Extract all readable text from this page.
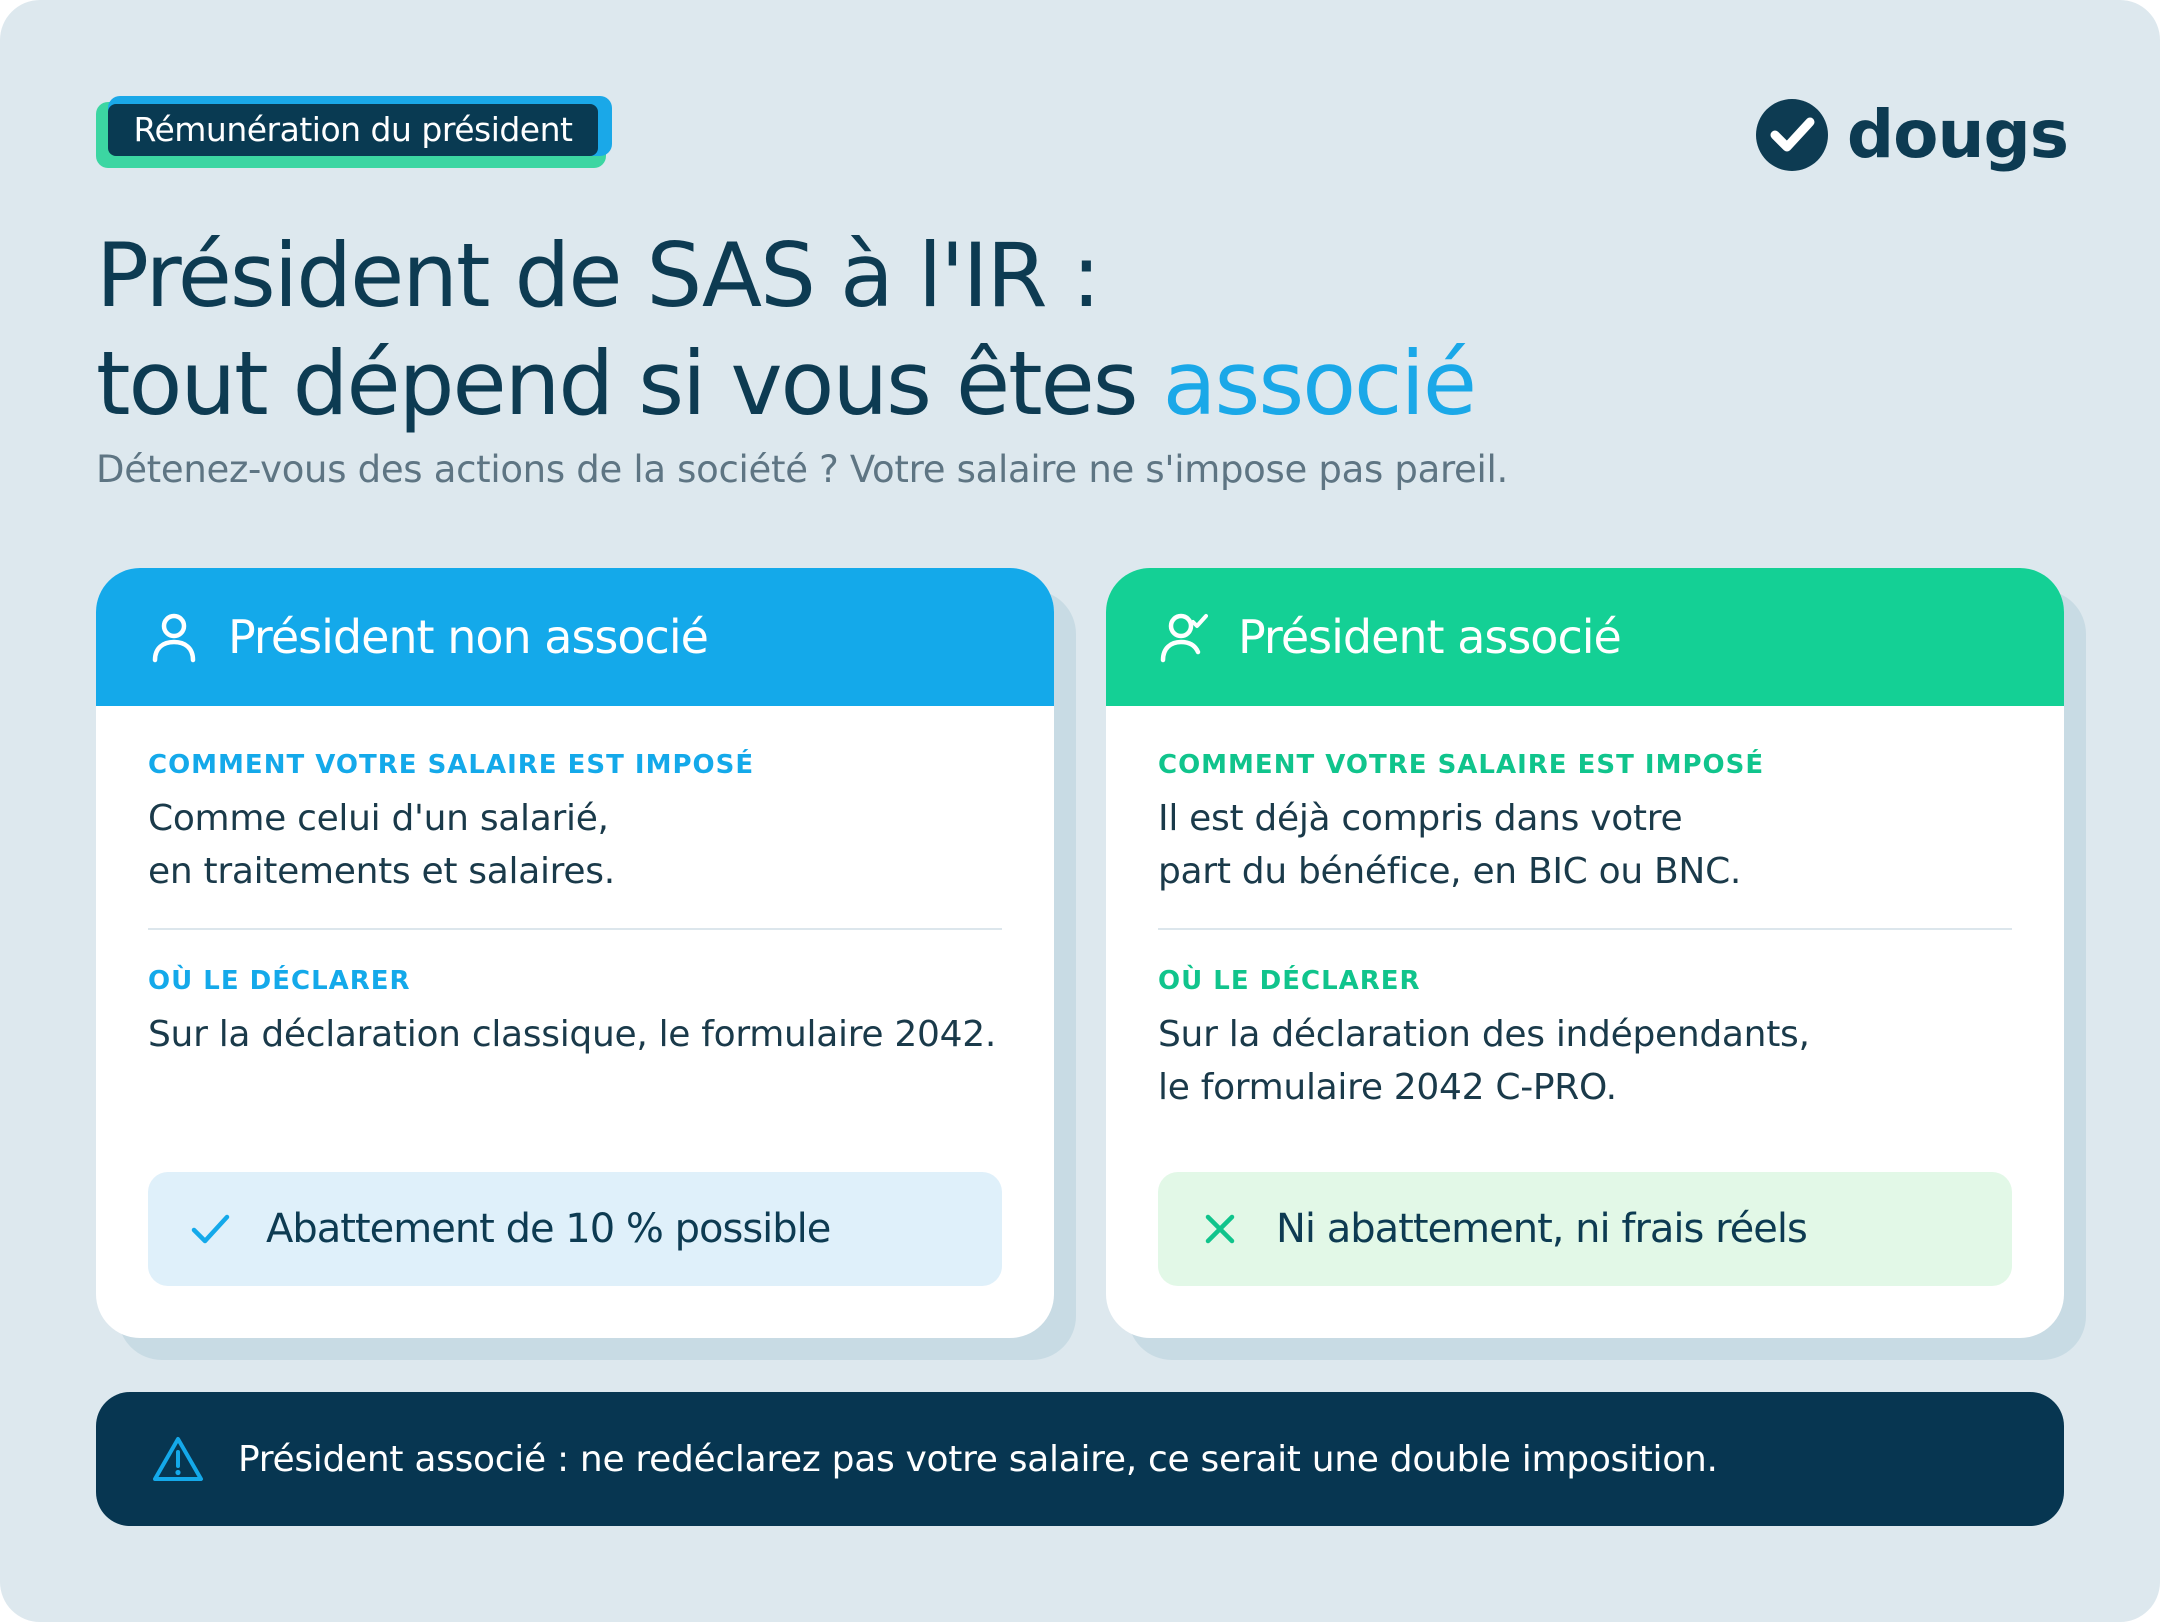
Rémunération du président	dougs
Président de SAS à l'IR :
tout dépend si vous êtes associé

Détenez-vous des actions de la société ? Votre salaire ne s'impose pas pareil.

Président non associé
COMMENT VOTRE SALAIRE EST IMPOSÉ
Comme celui d'un salarié,
en traitements et salaires.
OÙ LE DÉCLARER
Sur la déclaration classique, le formulaire 2042.
Abattement de 10 % possible
Président associé
COMMENT VOTRE SALAIRE EST IMPOSÉ
Il est déjà compris dans votre
part du bénéfice, en BIC ou BNC.
OÙ LE DÉCLARER
Sur la déclaration des indépendants,
le formulaire 2042 C-PRO.
Ni abattement, ni frais réels
Président associé : ne redéclarez pas votre salaire, ce serait une double imposition.
